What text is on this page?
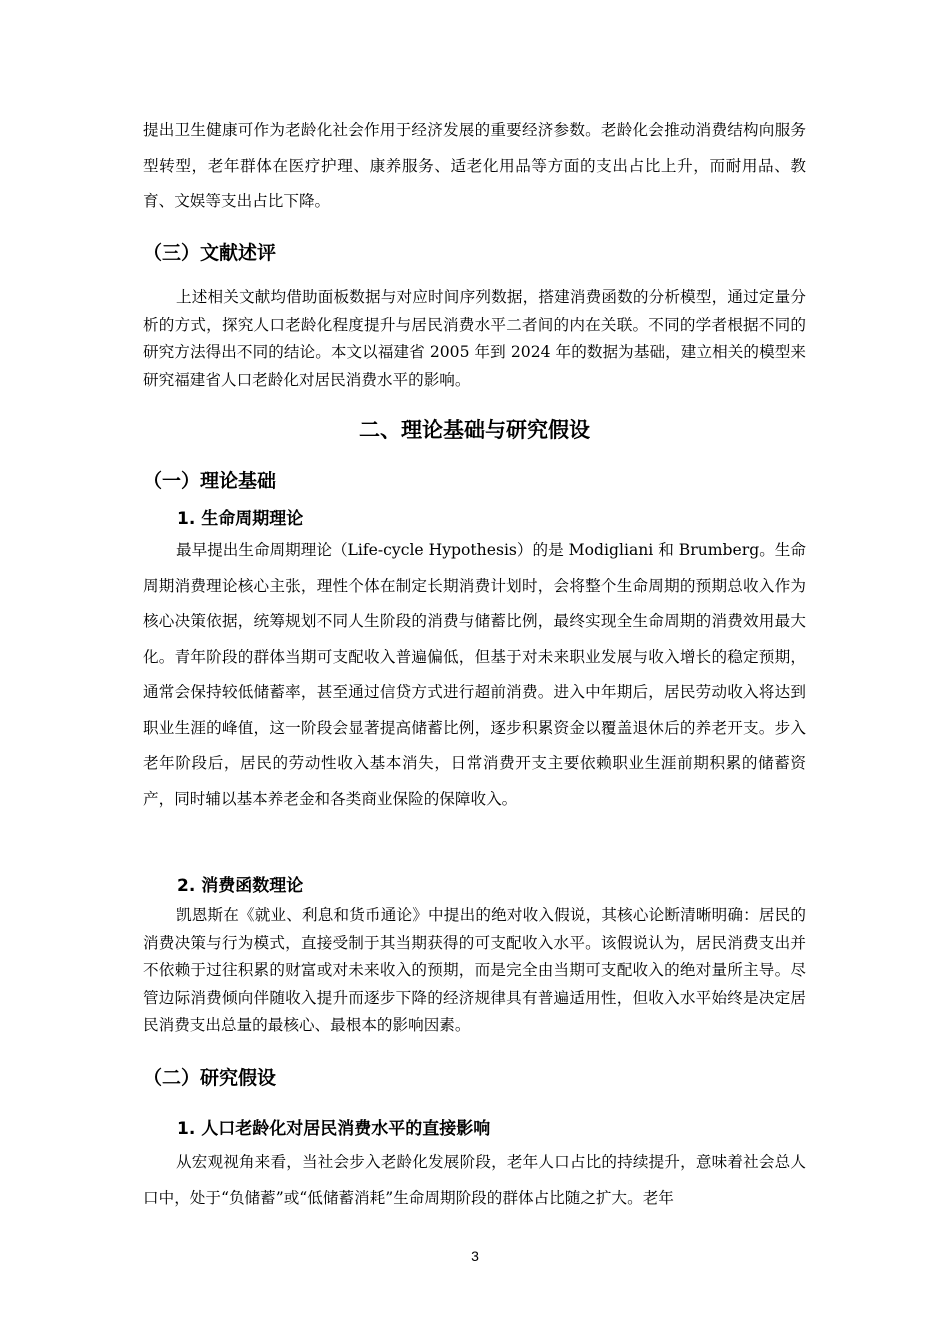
提出卫生健康可作为老龄化社会作用于经济发展的重要经济参数。老龄化会推动消费结构向服务型转型，老年群体在医疗护理、康养服务、适老化用品等方面的支出占比上升，而耐用品、教育、文娱等支出占比下降。

（三）文献述评

上述相关文献均借助面板数据与对应时间序列数据，搭建消费函数的分析模型，通过定量分析的方式，探究人口老龄化程度提升与居民消费水平二者间的内在关联。不同的学者根据不同的研究方法得出不同的结论。本文以福建省 2005 年到 2024 年的数据为基础，建立相关的模型来研究福建省人口老龄化对居民消费水平的影响。

二、理论基础与研究假设
（一）理论基础
1. 生命周期理论

最早提出生命周期理论（Life-cycle Hypothesis）的是 Modigliani 和 Brumberg。生命周期消费理论核心主张，理性个体在制定长期消费计划时，会将整个生命周期的预期总收入作为核心决策依据，统筹规划不同人生阶段的消费与储蓄比例，最终实现全生命周期的消费效用最大化。青年阶段的群体当期可支配收入普遍偏低，但基于对未来职业发展与收入增长的稳定预期，通常会保持较低储蓄率，甚至通过信贷方式进行超前消费。进入中年期后，居民劳动收入将达到职业生涯的峰值，这一阶段会显著提高储蓄比例，逐步积累资金以覆盖退休后的养老开支。步入老年阶段后，居民的劳动性收入基本消失，日常消费开支主要依赖职业生涯前期积累的储蓄资产，同时辅以基本养老金和各类商业保险的保障收入。

2. 消费函数理论

凯恩斯在《就业、利息和货币通论》中提出的绝对收入假说，其核心论断清晰明确：居民的消费决策与行为模式，直接受制于其当期获得的可支配收入水平。该假说认为，居民消费支出并不依赖于过往积累的财富或对未来收入的预期，而是完全由当期可支配收入的绝对量所主导。尽管边际消费倾向伴随收入提升而逐步下降的经济规律具有普遍适用性，但收入水平始终是决定居民消费支出总量的最核心、最根本的影响因素。

（二）研究假设
1. 人口老龄化对居民消费水平的直接影响

从宏观视角来看，当社会步入老龄化发展阶段，老年人口占比的持续提升，意味着社会总人口中，处于“负储蓄”或“低储蓄消耗”生命周期阶段的群体占比随之扩大。老年

3
